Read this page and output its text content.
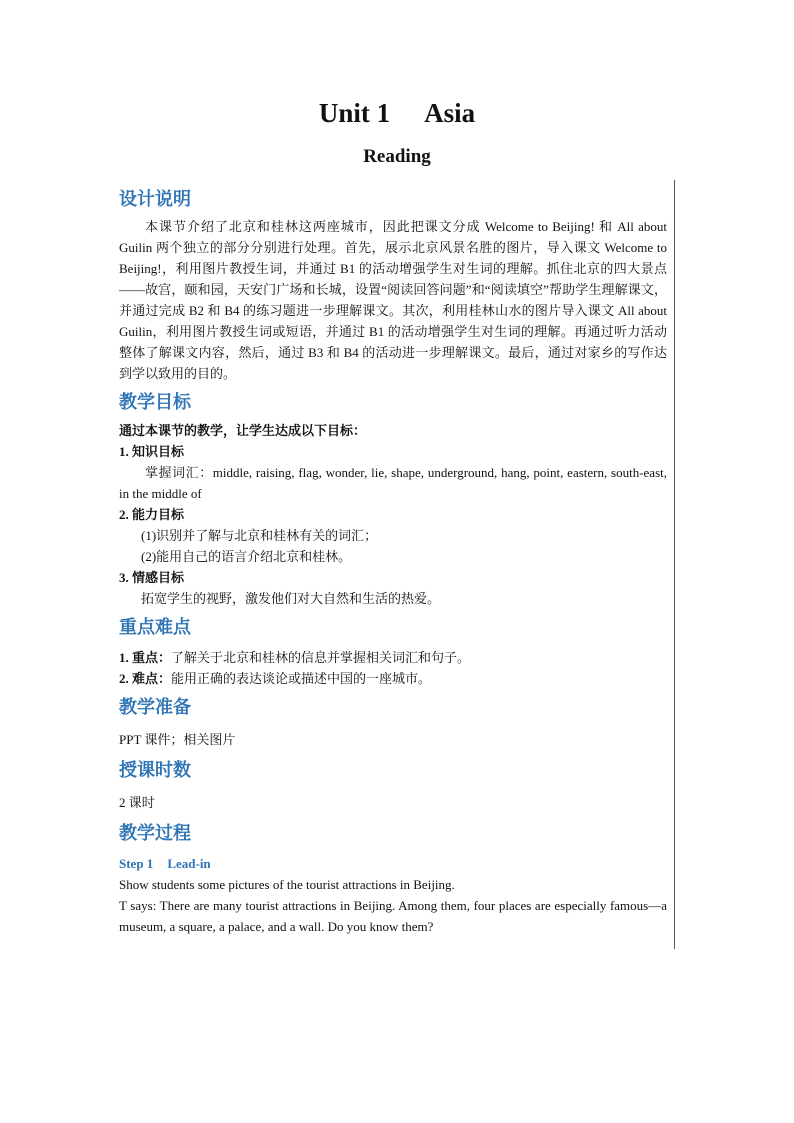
Unit 1 Asia
Reading
设计说明

本课节介绍了北京和桂林这两座城市，因此把课文分成 Welcome to Beijing! 和 All about Guilin 两个独立的部分分别进行处理。首先，展示北京风景名胜的图片，导入课文 Welcome to Beijing!，利用图片教授生词，并通过 B1 的活动增强学生对生词的理解。抓住北京的四大景点——故宫，颐和园，天安门广场和长城，设置“阅读回答问题”和“阅读填空”帮助学生理解课文，并通过完成 B2 和 B4 的练习题进一步理解课文。其次，利用桂林山水的图片导入课文 All about Guilin，利用图片教授生词或短语，并通过 B1 的活动增强学生对生词的理解。再通过听力活动整体了解课文内容，然后，通过 B3 和 B4 的活动进一步理解课文。最后，通过对家乡的写作达到学以致用的目的。

教学目标

通过本课节的教学，让学生达成以下目标：

1. 知识目标

掌握词汇：middle, raising, flag, wonder, lie, shape, underground, hang, point, eastern, south-east, in the middle of

2. 能力目标

(1)识别并了解与北京和桂林有关的词汇；

(2)能用自己的语言介绍北京和桂林。

3. 情感目标

拓宽学生的视野，激发他们对大自然和生活的热爱。

重点难点

1. 重点：了解关于北京和桂林的信息并掌握相关词汇和句子。

2. 难点：能用正确的表达谈论或描述中国的一座城市。

教学准备

PPT 课件；相关图片

授课时数

2 课时

教学过程

Step 1 Lead-in

Show students some pictures of the tourist attractions in Beijing.

T says: There are many tourist attractions in Beijing. Among them, four places are especially famous—a museum, a square, a palace, and a wall. Do you know them?
